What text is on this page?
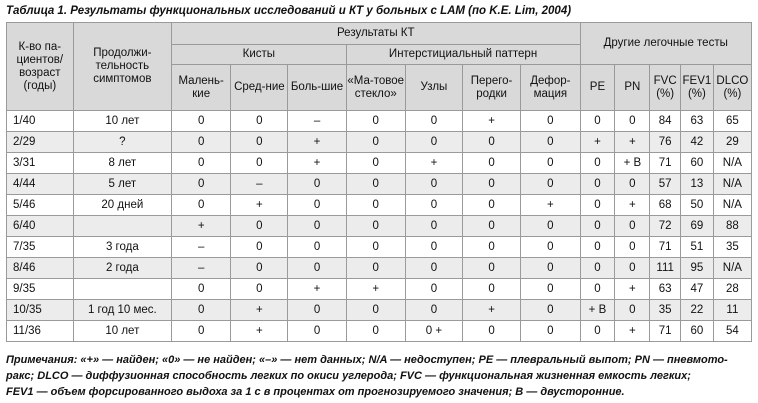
Таблица 1. Результаты функциональных исследований и КТ у больных с LAM (по K.E. Lim, 2004)
К-во па-циентов/возраст (годы)	Продолжи-тельность симптомов	Результаты КТ							Другие легочные тесты				
		Кисты			Интерстициальный паттерн								
		Малень-кие	Сред-ние	Боль-шие	«Ма-товое стекло»	Узлы	Перего-родки	Дефор-мация	PE	PN	FVC (%)	FEV1 (%)	DLCO (%)
1/40	10 лет	0	0	–	0	0	+	0	0	0	84	63	65
2/29	?	0	0	+	0	0	0	0	+	+	76	42	29
3/31	8 лет	0	0	+	0	+	0	0	0	+ В	71	60	N/A
4/44	5 лет	0	–	0	0	0	0	0	0	0	57	13	N/A
5/46	20 дней	0	+	0	0	0	0	+	0	+	68	50	N/A
6/40		+	0	0	0	0	0	0	0	0	72	69	88
7/35	3 года	–	0	0	0	0	0	0	0	0	71	51	35
8/46	2 года	–	0	0	0	0	0	0	0	0	111	95	N/A
9/35		0	0	+	+	0	0	0	0	+	63	47	28
10/35	1 год 10 мес.	0	+	0	0	0	+	0	+ В	0	35	22	11
11/36	10 лет	0	+	0	0	0 +	0	0	0	+	71	60	54
Примечания: «+» — найден; «0» — не найден; «–» — нет данных; N/A — недоступен; PE — плевральный выпот; PN — пневмото-
ракс; DLCO — диффузионная способность легких по окиси углерода; FVC — функциональная жизненная емкость легких;
FEV1 — объем форсированного выдоха за 1 с в процентах от прогнозируемого значения; В — двусторонние.
